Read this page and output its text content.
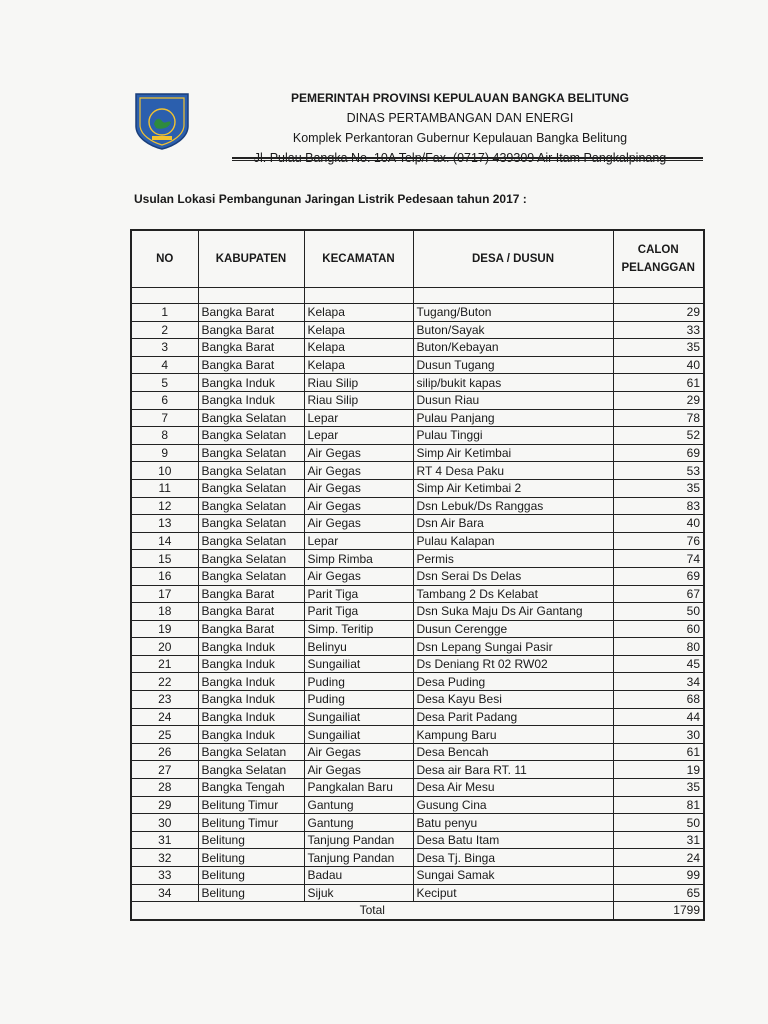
PEMERINTAH PROVINSI KEPULAUAN BANGKA BELITUNG
DINAS PERTAMBANGAN DAN ENERGI
Komplek Perkantoran Gubernur Kepulauan Bangka Belitung
Usulan Lokasi Pembangunan Jaringan Listrik Pedesaan tahun 2017 :
NO	KABUPATEN	KECAMATAN	DESA / DUSUN	CALON
PELANGGAN

1	Bangka Barat	Kelapa	Tugang/Buton	29
2	Bangka Barat	Kelapa	Buton/Sayak	33
3	Bangka Barat	Kelapa	Buton/Kebayan	35
4	Bangka Barat	Kelapa	Dusun Tugang	40
5	Bangka Induk	Riau Silip	silip/bukit kapas	61
6	Bangka Induk	Riau Silip	Dusun Riau	29
7	Bangka Selatan	Lepar	Pulau Panjang	78
8	Bangka Selatan	Lepar	Pulau Tinggi	52
9	Bangka Selatan	Air Gegas	Simp Air Ketimbai	69
10	Bangka Selatan	Air Gegas	RT 4 Desa Paku	53
11	Bangka Selatan	Air Gegas	Simp Air Ketimbai 2	35
12	Bangka Selatan	Air Gegas	Dsn Lebuk/Ds Ranggas	83
13	Bangka Selatan	Air Gegas	Dsn Air Bara	40
14	Bangka Selatan	Lepar	Pulau Kalapan	76
15	Bangka Selatan	Simp Rimba	Permis	74
16	Bangka Selatan	Air Gegas	Dsn Serai Ds Delas	69
17	Bangka Barat	Parit Tiga	Tambang 2 Ds Kelabat	67
18	Bangka Barat	Parit Tiga	Dsn Suka Maju Ds Air Gantang	50
19	Bangka Barat	Simp. Teritip	Dusun Cerengge	60
20	Bangka Induk	Belinyu	Dsn Lepang Sungai Pasir	80
21	Bangka Induk	Sungailiat	Ds Deniang Rt 02 RW02	45
22	Bangka Induk	Puding	Desa Puding	34
23	Bangka Induk	Puding	Desa Kayu Besi	68
24	Bangka Induk	Sungailiat	Desa Parit Padang	44
25	Bangka Induk	Sungailiat	Kampung Baru	30
26	Bangka Selatan	Air Gegas	Desa Bencah	61
27	Bangka Selatan	Air Gegas	Desa air Bara RT. 11	19
28	Bangka Tengah	Pangkalan Baru	Desa Air Mesu	35
29	Belitung Timur	Gantung	Gusung Cina	81
30	Belitung Timur	Gantung	Batu penyu	50
31	Belitung	Tanjung Pandan	Desa Batu Itam	31
32	Belitung	Tanjung Pandan	Desa Tj. Binga	24
33	Belitung	Badau	Sungai Samak	99
34	Belitung	Sijuk	Keciput	65
Total				1799
